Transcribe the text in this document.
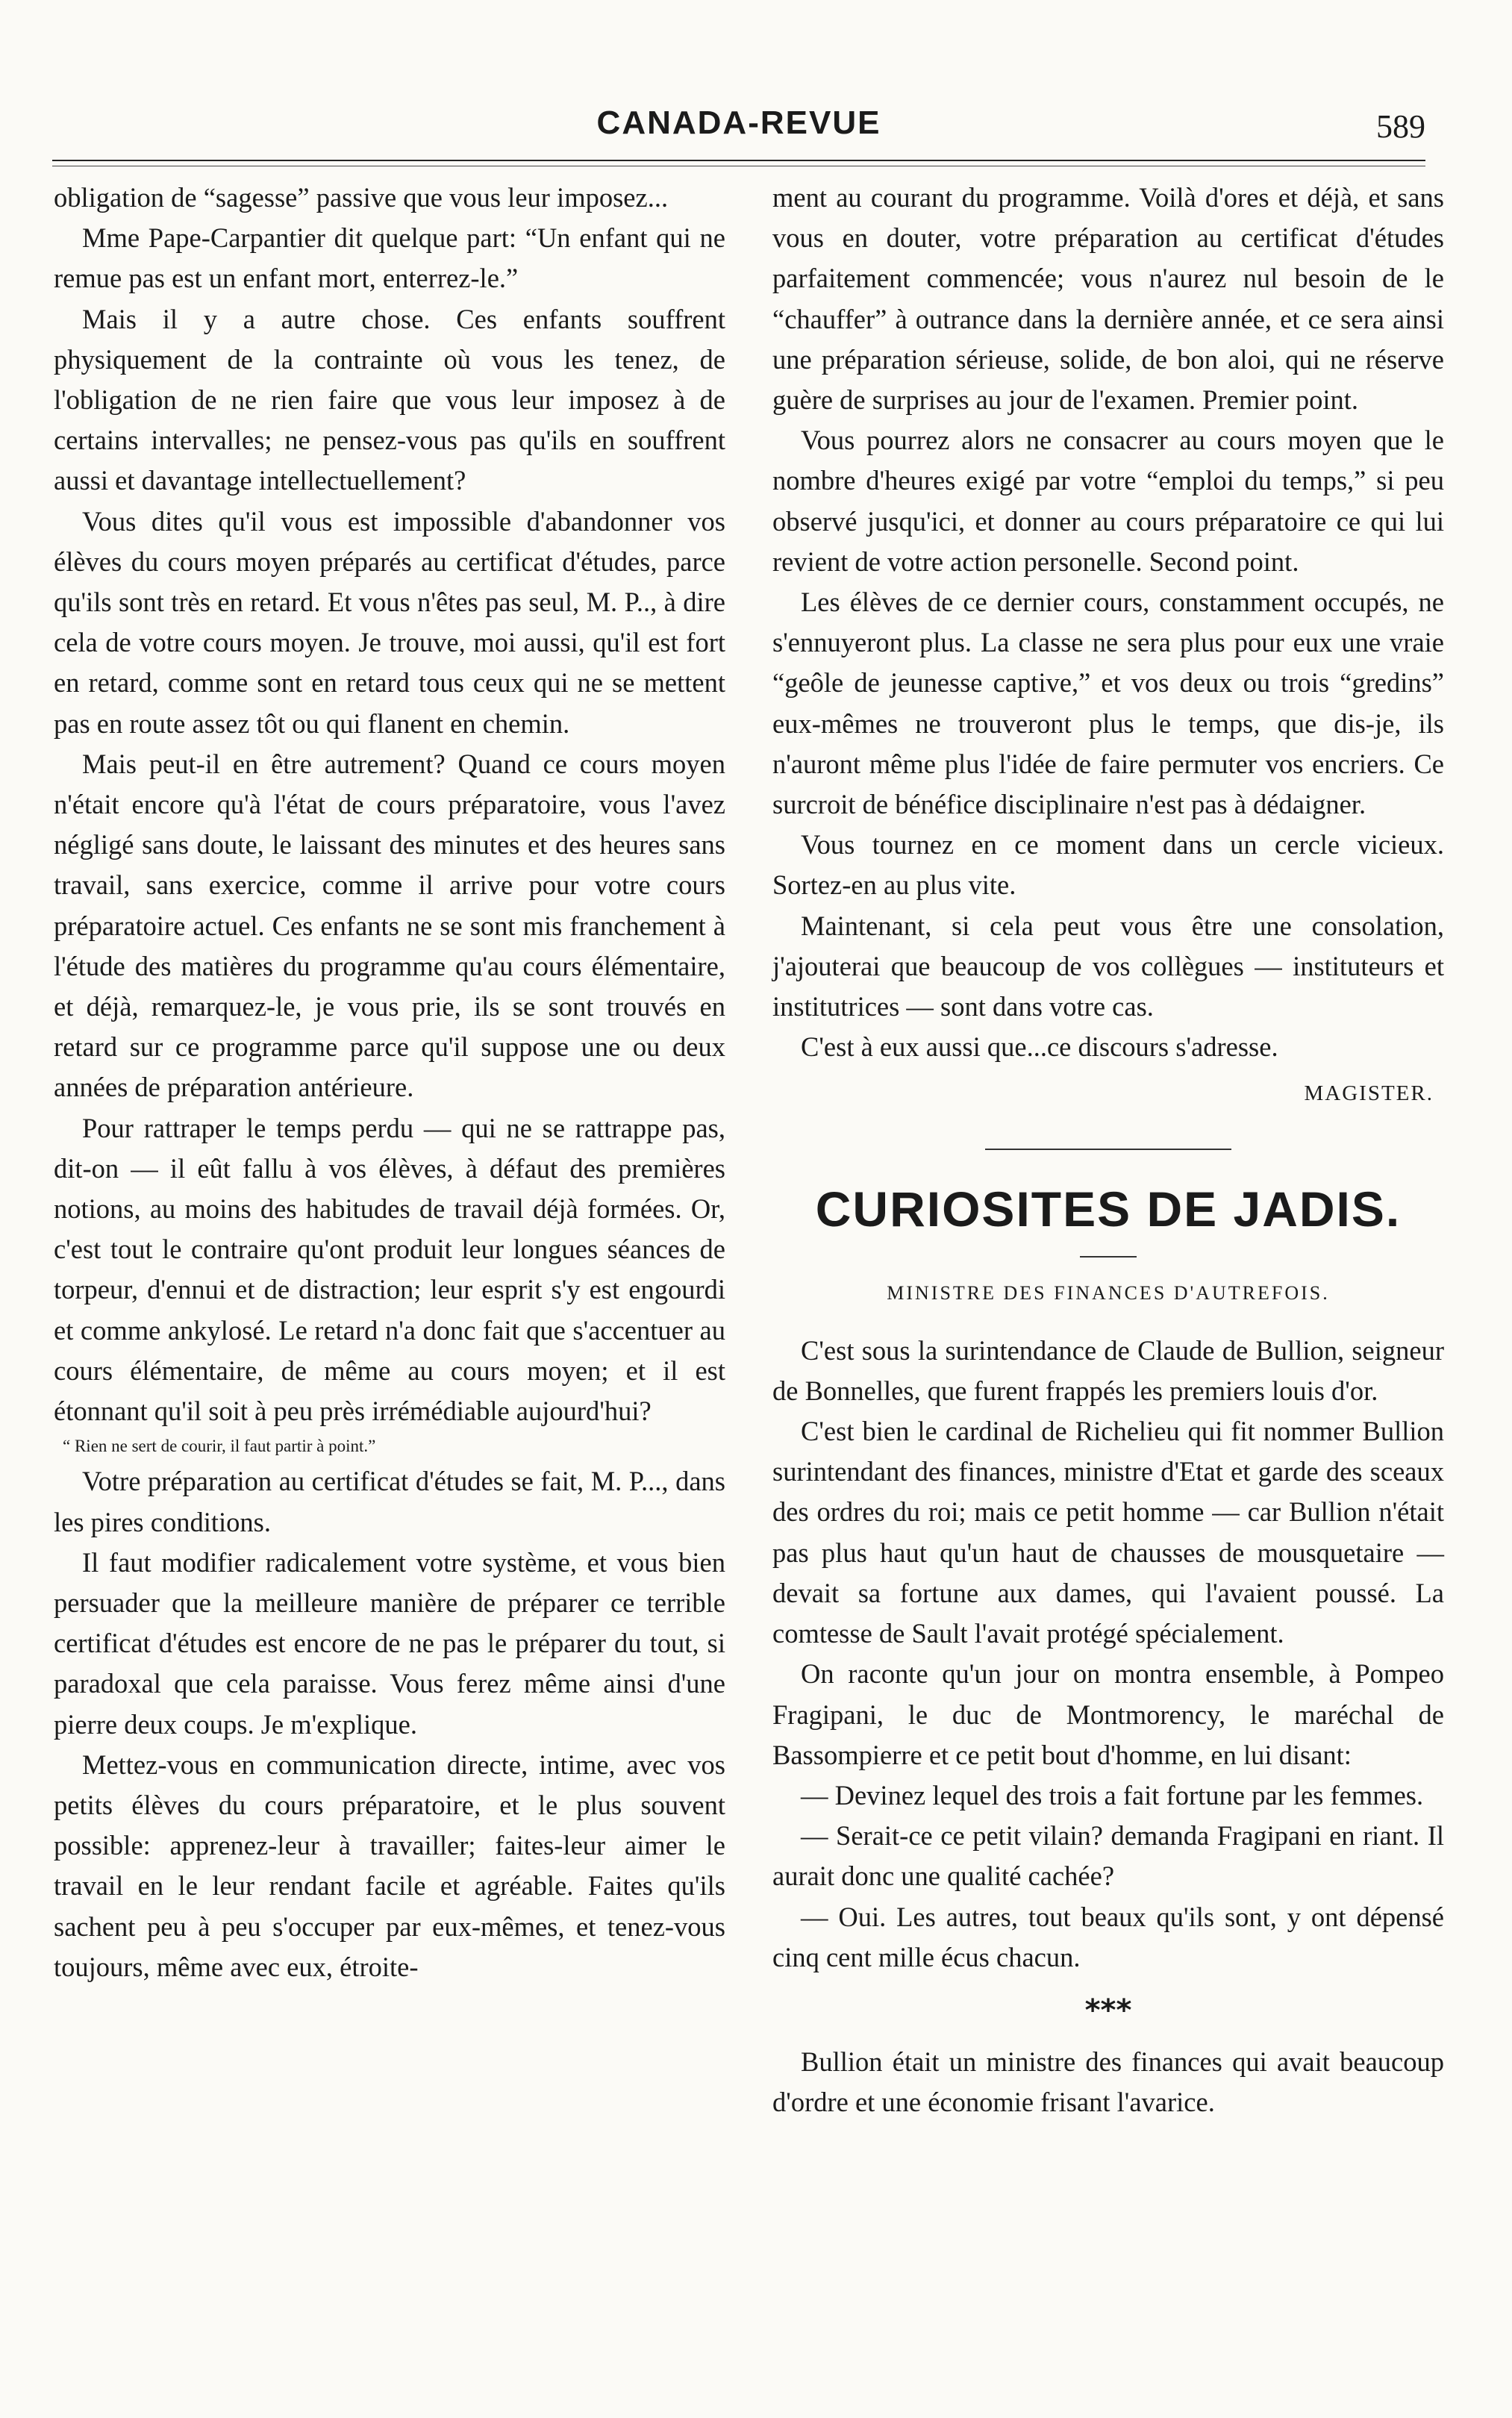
CANADA-REVUE	589

obligation de “sagesse” passive que vous leur imposez...

Mme Pape-Carpantier dit quelque part: “Un enfant qui ne remue pas est un enfant mort, enterrez-le.”

Mais il y a autre chose. Ces enfants souffrent physiquement de la contrainte où vous les tenez, de l'obligation de ne rien faire que vous leur imposez à de certains intervalles; ne pensez-vous pas qu'ils en souffrent aussi et davantage intellectuellement?

Vous dites qu'il vous est impossible d'abandonner vos élèves du cours moyen préparés au certificat d'études, parce qu'ils sont très en retard. Et vous n'êtes pas seul, M. P.., à dire cela de votre cours moyen. Je trouve, moi aussi, qu'il est fort en retard, comme sont en retard tous ceux qui ne se mettent pas en route assez tôt ou qui flanent en chemin.

Mais peut-il en être autrement? Quand ce cours moyen n'était encore qu'à l'état de cours préparatoire, vous l'avez négligé sans doute, le laissant des minutes et des heures sans travail, sans exercice, comme il arrive pour votre cours préparatoire actuel. Ces enfants ne se sont mis franchement à l'étude des matières du programme qu'au cours élémentaire, et déjà, remarquez-le, je vous prie, ils se sont trouvés en retard sur ce programme parce qu'il suppose une ou deux années de préparation antérieure.

Pour rattraper le temps perdu — qui ne se rattrappe pas, dit-on — il eût fallu à vos élèves, à défaut des premières notions, au moins des habitudes de travail déjà formées. Or, c'est tout le contraire qu'ont produit leur longues séances de torpeur, d'ennui et de distraction; leur esprit s'y est engourdi et comme ankylosé. Le retard n'a donc fait que s'accentuer au cours élémentaire, de même au cours moyen; et il est étonnant qu'il soit à peu près irrémédiable aujourd'hui?

“ Rien ne sert de courir, il faut partir à point.”

Votre préparation au certificat d'études se fait, M. P..., dans les pires conditions.

Il faut modifier radicalement votre système, et vous bien persuader que la meilleure manière de préparer ce terrible certificat d'études est encore de ne pas le préparer du tout, si paradoxal que cela paraisse. Vous ferez même ainsi d'une pierre deux coups. Je m'explique.

Mettez-vous en communication directe, intime, avec vos petits élèves du cours préparatoire, et le plus souvent possible: apprenez-leur à travailler; faites-leur aimer le travail en le leur rendant facile et agréable. Faites qu'ils sachent peu à peu s'occuper par eux-mêmes, et tenez-vous toujours, même avec eux, étroite-

ment au courant du programme. Voilà d'ores et déjà, et sans vous en douter, votre préparation au certificat d'études parfaitement commencée; vous n'aurez nul besoin de le “chauffer” à outrance dans la dernière année, et ce sera ainsi une préparation sérieuse, solide, de bon aloi, qui ne réserve guère de surprises au jour de l'examen. Premier point.

Vous pourrez alors ne consacrer au cours moyen que le nombre d'heures exigé par votre “emploi du temps,” si peu observé jusqu'ici, et donner au cours préparatoire ce qui lui revient de votre action personelle. Second point.

Les élèves de ce dernier cours, constamment occupés, ne s'ennuyeront plus. La classe ne sera plus pour eux une vraie “geôle de jeunesse captive,” et vos deux ou trois “gredins” eux-mêmes ne trouveront plus le temps, que dis-je, ils n'auront même plus l'idée de faire permuter vos encriers. Ce surcroit de bénéfice disciplinaire n'est pas à dédaigner.

Vous tournez en ce moment dans un cercle vicieux. Sortez-en au plus vite.

Maintenant, si cela peut vous être une consolation, j'ajouterai que beaucoup de vos collègues — instituteurs et institutrices — sont dans votre cas.

C'est à eux aussi que...ce discours s'adresse.

MAGISTER.
CURIOSITES DE JADIS.
MINISTRE DES FINANCES D'AUTREFOIS.

C'est sous la surintendance de Claude de Bullion, seigneur de Bonnelles, que furent frappés les premiers louis d'or.

C'est bien le cardinal de Richelieu qui fit nommer Bullion surintendant des finances, ministre d'Etat et garde des sceaux des ordres du roi; mais ce petit homme — car Bullion n'était pas plus haut qu'un haut de chausses de mousquetaire — devait sa fortune aux dames, qui l'avaient poussé. La comtesse de Sault l'avait protégé spécialement.

On raconte qu'un jour on montra ensemble, à Pompeo Fragipani, le duc de Montmorency, le maréchal de Bassompierre et ce petit bout d'homme, en lui disant:

— Devinez lequel des trois a fait fortune par les femmes.

— Serait-ce ce petit vilain? demanda Fragipani en riant. Il aurait donc une qualité cachée?

— Oui. Les autres, tout beaux qu'ils sont, y ont dépensé cinq cent mille écus chacun.

***

Bullion était un ministre des finances qui avait beaucoup d'ordre et une économie frisant l'avarice.
